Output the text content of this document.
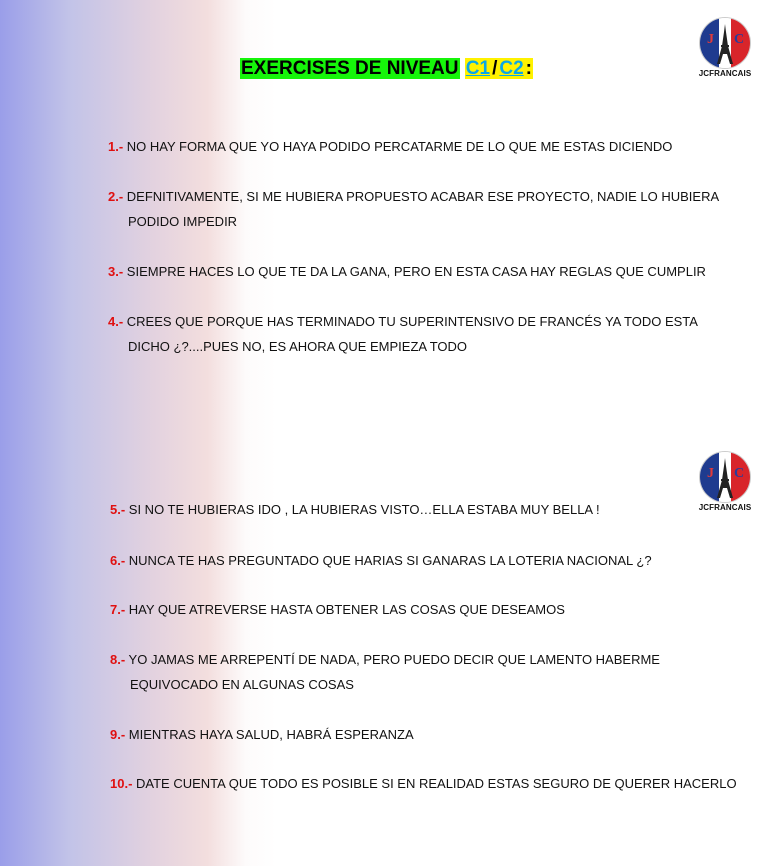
EXERCISES DE NIVEAU C1 / C2 :
J C
JCFRANCAIS
J C
JCFRANCAIS
1.- NO HAY FORMA QUE YO HAYA PODIDO PERCATARME DE LO QUE ME ESTAS DICIENDO
2.- DEFNITIVAMENTE, SI ME HUBIERA PROPUESTO ACABAR ESE PROYECTO, NADIE LO HUBIERA
PODIDO IMPEDIR
3.- SIEMPRE HACES LO QUE TE DA LA GANA, PERO EN ESTA CASA HAY REGLAS QUE CUMPLIR
4.- CREES QUE PORQUE HAS TERMINADO TU SUPERINTENSIVO DE FRANCÉS YA TODO ESTA
DICHO ¿?....PUES NO, ES AHORA QUE EMPIEZA TODO
5.- SI NO TE HUBIERAS IDO , LA HUBIERAS VISTO…ELLA ESTABA MUY BELLA !
6.- NUNCA TE HAS PREGUNTADO QUE HARIAS SI GANARAS LA LOTERIA NACIONAL ¿?
7.- HAY QUE ATREVERSE HASTA OBTENER LAS COSAS QUE DESEAMOS
8.- YO JAMAS ME ARREPENTÍ DE NADA, PERO PUEDO DECIR QUE LAMENTO HABERME
EQUIVOCADO EN ALGUNAS COSAS
9.- MIENTRAS HAYA SALUD, HABRÁ ESPERANZA
10.- DATE CUENTA QUE TODO ES POSIBLE SI EN REALIDAD ESTAS SEGURO DE QUERER HACERLO
